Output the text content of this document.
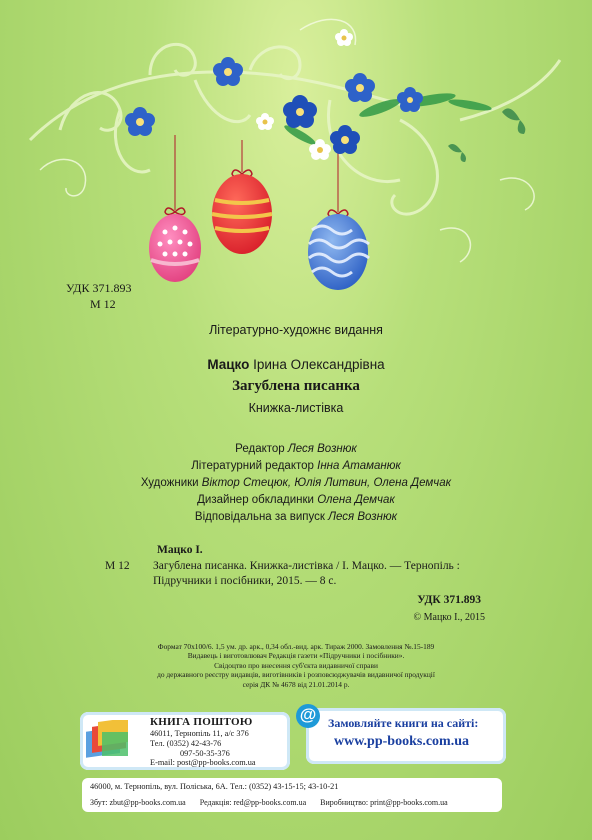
УДК 371.893
М 12
Літературно-художнє видання
Мацко Ірина Олександрівна
Загублена писанка
Книжка-листівка
Редактор Леся Вознюк
Літературний редактор Інна Атаманюк
Художники Віктор Стецюк, Юлія Литвин, Олена Демчак
Дизайнер обкладинки Олена Демчак
Відповідальна за випуск Леся Вознюк
Мацко І.
М 12	Загублена писанка. Книжка-листівка / І. Мацко. — Тернопіль :
Підручники і посібники, 2015. — 8 с.
УДК 371.893
© Мацко І., 2015
Формат 70х100/6. 1,5 ум. др. арк., 0,34 обл.-вид. арк. Тираж 2000. Замовлення №.15-189
Видавець і виготовлювач Редакція газети «Підручники і посібники».
Свідоцтво про внесення суб'єкта видавничої справи
до державного реєстру видавців, виготівників і розповсюджувачів видавничої продукції
серія ДК № 4678 від 21.01.2014 р.
КНИГА ПОШТОЮ
46011, Тернопіль 11, а/с 376
Тел. (0352) 42-43-76
097-50-35-376
E-mail: post@pp-books.com.ua
@ Замовляйте книги на сайті:
www.pp-books.com.ua
46000, м. Тернопіль, вул. Поліська, 6А. Тел.: (0352) 43-15-15; 43-10-21
Збут: zbut@pp-books.com.ua Редакція: red@pp-books.com.ua Виробництво: print@pp-books.com.ua
